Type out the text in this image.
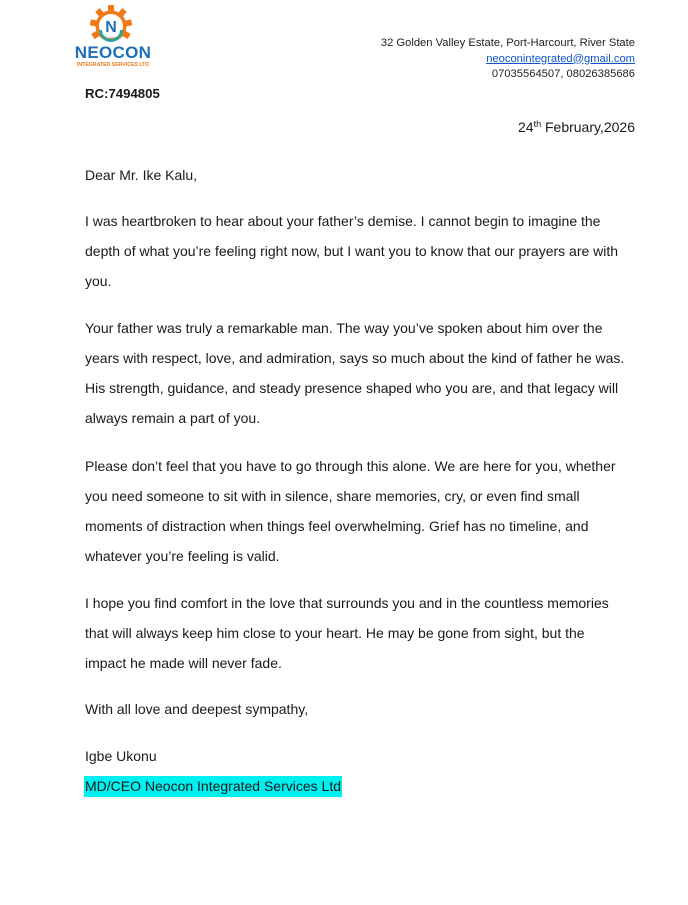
N
NEOCON
INTEGRATED SERVICES LTD
32 Golden Valley Estate, Port-Harcourt, River State
neoconintegrated@gmail.com
07035564507, 08026385686
RC:7494805
24th February,2026
Dear Mr. Ike Kalu,

I was heartbroken to hear about your father’s demise. I cannot begin to imagine the depth of what you’re feeling right now, but I want you to know that our prayers are with you.

Your father was truly a remarkable man. The way you’ve spoken about him over the years with respect, love, and admiration, says so much about the kind of father he was. His strength, guidance, and steady presence shaped who you are, and that legacy will always remain a part of you.

Please don’t feel that you have to go through this alone. We are here for you, whether you need someone to sit with in silence, share memories, cry, or even find small moments of distraction when things feel overwhelming. Grief has no timeline, and whatever you’re feeling is valid.

I hope you find comfort in the love that surrounds you and in the countless memories that will always keep him close to your heart. He may be gone from sight, but the impact he made will never fade.

With all love and deepest sympathy,
Igbe Ukonu
MD/CEO Neocon Integrated Services Ltd
